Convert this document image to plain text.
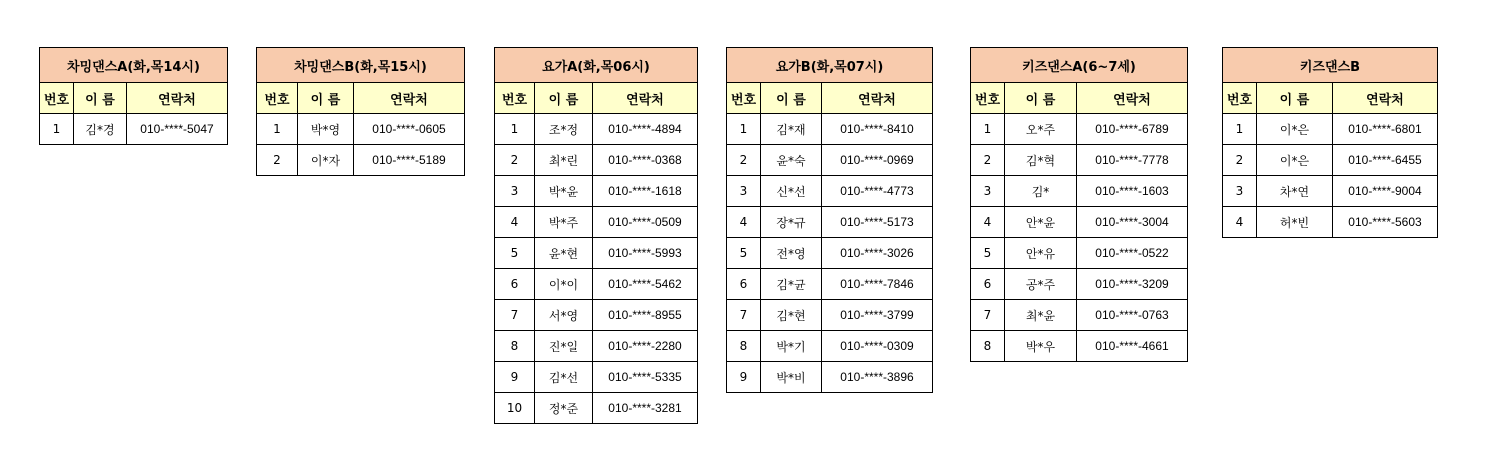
차밍댄스A(화,목14시)		
번호	이 름	연락처
1	김*경	010-****-5047
차밍댄스B(화,목15시)		
번호	이 름	연락처
1	박*영	010-****-0605
2	이*자	010-****-5189
요가A(화,목06시)		
번호	이 름	연락처
1	조*정	010-****-4894
2	최*린	010-****-0368
3	박*윤	010-****-1618
4	박*주	010-****-0509
5	윤*현	010-****-5993
6	이*이	010-****-5462
7	서*영	010-****-8955
8	진*일	010-****-2280
9	김*선	010-****-5335
10	정*준	010-****-3281
요가B(화,목07시)		
번호	이 름	연락처
1	김*재	010-****-8410
2	윤*숙	010-****-0969
3	신*선	010-****-4773
4	장*규	010-****-5173
5	전*영	010-****-3026
6	김*균	010-****-7846
7	김*현	010-****-3799
8	박*기	010-****-0309
9	박*비	010-****-3896
키즈댄스A(6~7세)		
번호	이 름	연락처
1	오*주	010-****-6789
2	김*혁	010-****-7778
3	김*	010-****-1603
4	안*윤	010-****-3004
5	안*유	010-****-0522
6	공*주	010-****-3209
7	최*윤	010-****-0763
8	박*우	010-****-4661
키즈댄스B		
번호	이 름	연락처
1	이*은	010-****-6801
2	이*은	010-****-6455
3	차*연	010-****-9004
4	허*빈	010-****-5603
